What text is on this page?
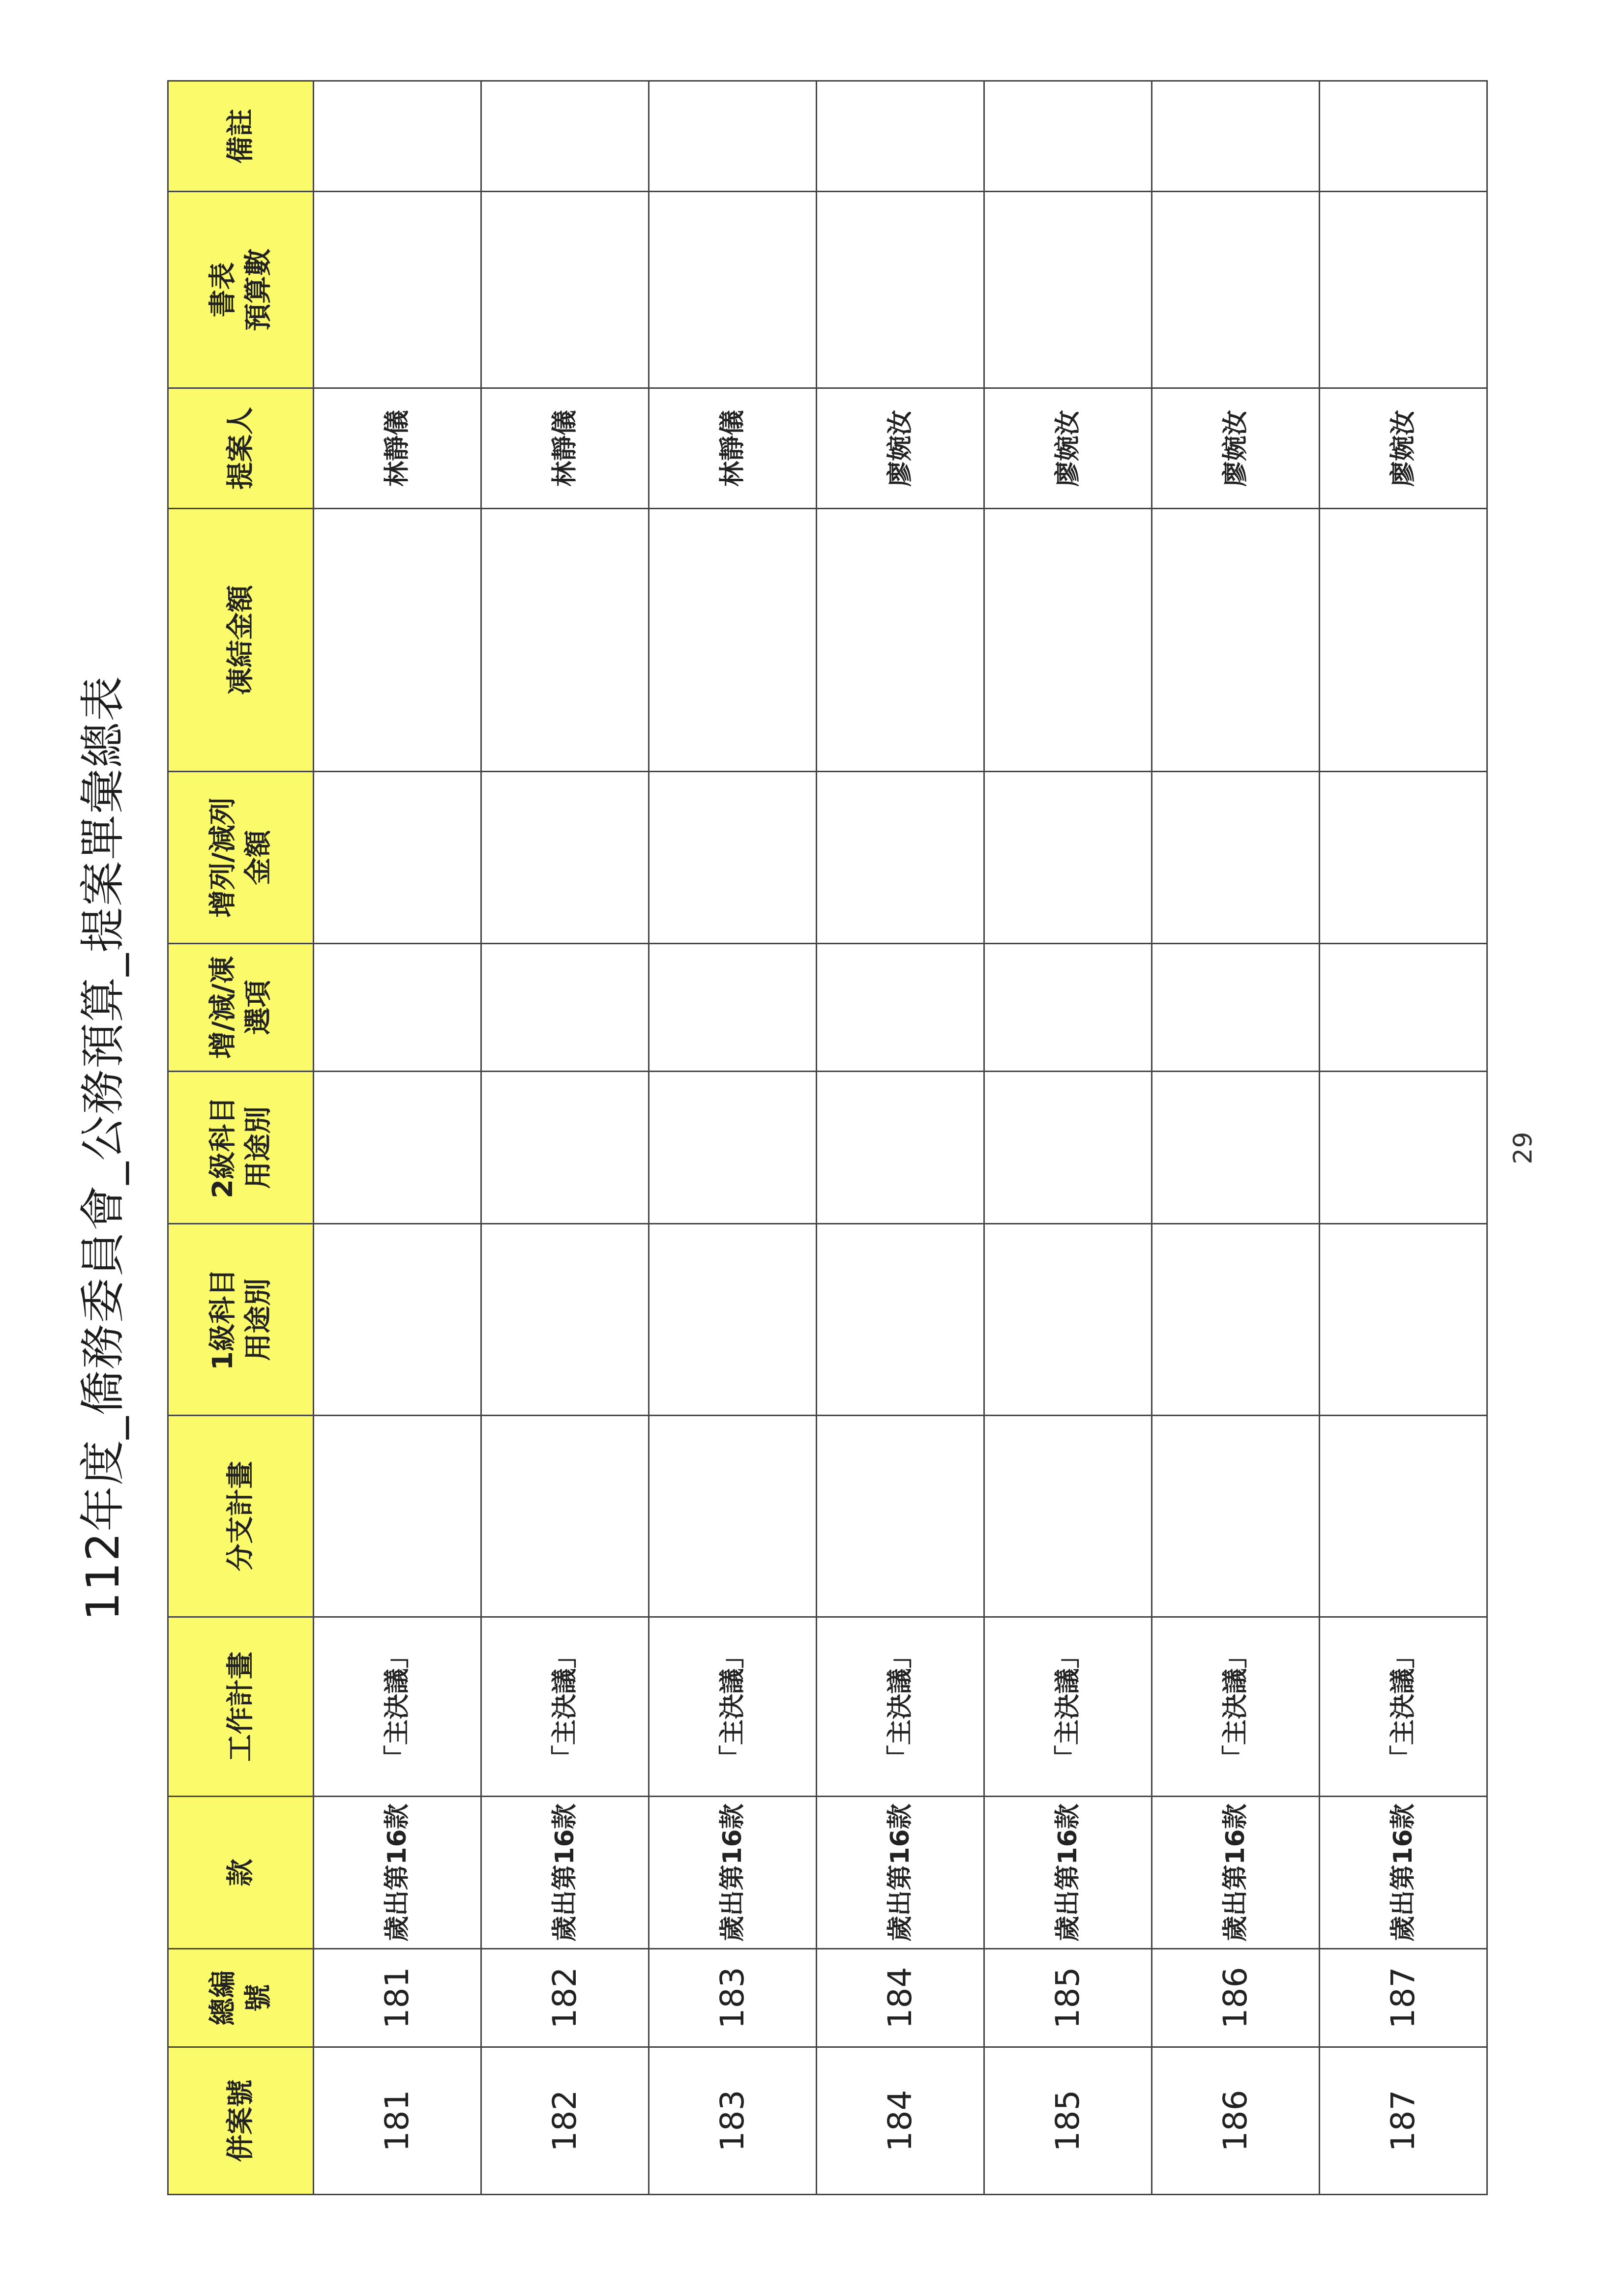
112年度_僑務委員會_公務預算_提案單彙總表
併案號	總編 號	款	工作計畫	分支計畫	1級科目 用途別	2級科目 用途別	增/減/凍 選項	增列/減列 金額	凍結金額	提案人	書表 預算數	備註

181	181	歲出第16款	「主決議」							林靜儀		
182	182	歲出第16款	「主決議」							林靜儀		
183	183	歲出第16款	「主決議」							林靜儀		
184	184	歲出第16款	「主決議」							廖婉汝		
185	185	歲出第16款	「主決議」							廖婉汝		
186	186	歲出第16款	「主決議」							廖婉汝		
187	187	歲出第16款	「主決議」							廖婉汝		
29
